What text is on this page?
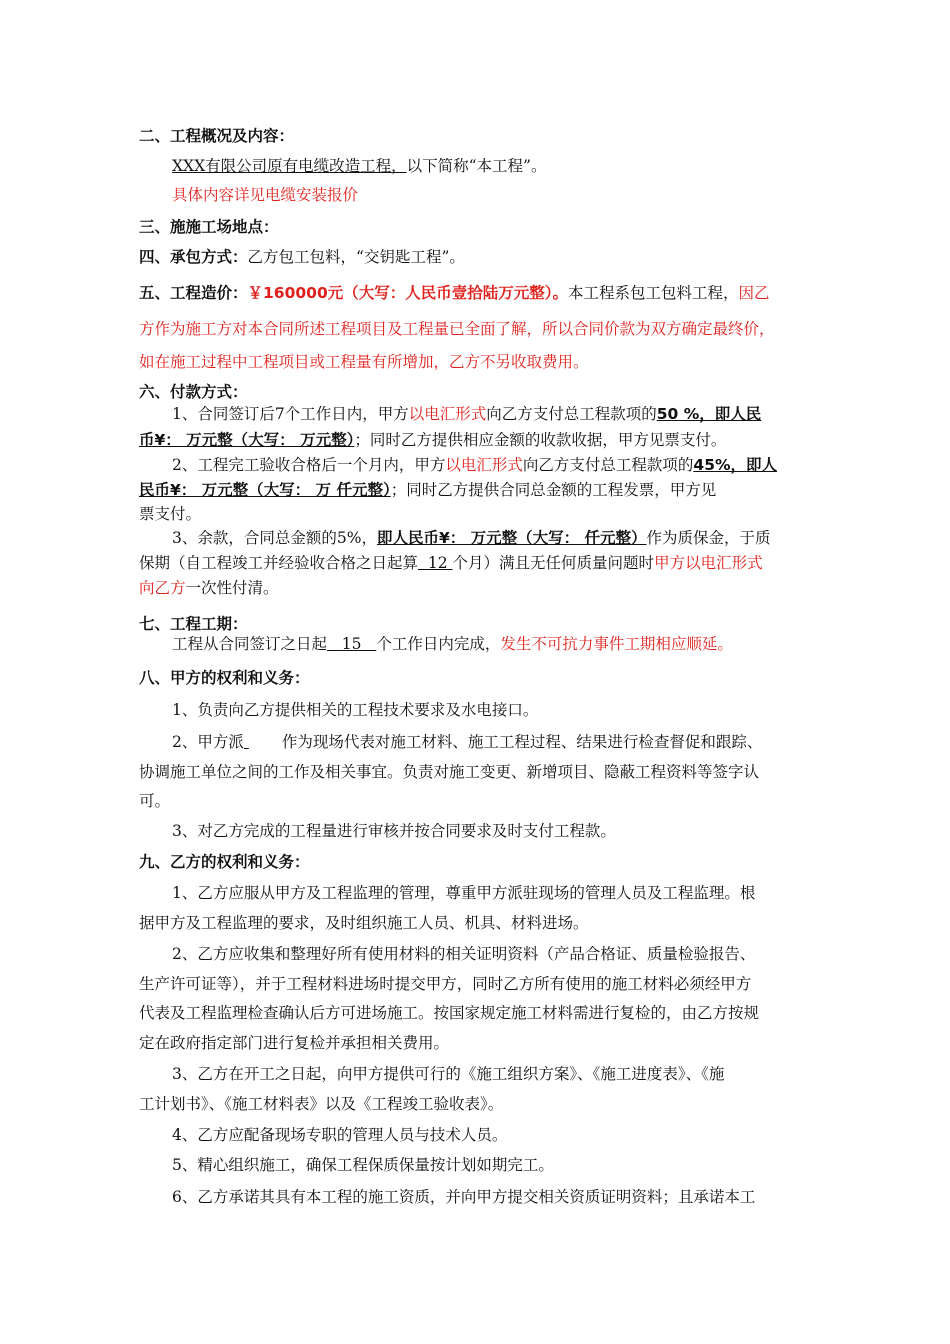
二、工程概况及内容：
XXX有限公司原有电缆改造工程，以下简称“本工程”。
具体内容详见电缆安装报价
三、施施工场地点：
四、承包方式：乙方包工包料，“交钥匙工程”。
五、工程造价：￥160000元（大写：人民币壹拾陆万元整）。本工程系包工包料工程，因乙
方作为施工方对本合同所述工程项目及工程量已全面了解，所以合同价款为双方确定最终价，
如在施工过程中工程项目或工程量有所增加，乙方不另收取费用。
六、付款方式：
1、合同签订后7个工作日内，甲方以电汇形式向乙方支付总工程款项的50 %，即人民
币¥： 万元整（大写： 万元整）；同时乙方提供相应金额的收款收据，甲方见票支付。
2、工程完工验收合格后一个月内，甲方以电汇形式向乙方支付总工程款项的45%，即人
民币¥： 万元整（大写： 万 仟元整）；同时乙方提供合同总金额的工程发票，甲方见
票支付。
3、余款，合同总金额的5%，即人民币¥： 万元整（大写： 仟元整）作为质保金，于质
保期（自工程竣工并经验收合格之日起算 12 个月）满且无任何质量问题时甲方以电汇形式
向乙方一次性付清。
七、工程工期：
工程从合同签订之日起 15 个工作日内完成，发生不可抗力事件工期相应顺延。
八、甲方的权利和义务：
1、负责向乙方提供相关的工程技术要求及水电接口。
2、甲方派 作为现场代表对施工材料、施工工程过程、结果进行检查督促和跟踪、
协调施工单位之间的工作及相关事宜。负责对施工变更、新增项目、隐蔽工程资料等签字认
可。
3、对乙方完成的工程量进行审核并按合同要求及时支付工程款。
九、乙方的权利和义务：
1、乙方应服从甲方及工程监理的管理，尊重甲方派驻现场的管理人员及工程监理。根
据甲方及工程监理的要求，及时组织施工人员、机具、材料进场。
2、乙方应收集和整理好所有使用材料的相关证明资料（产品合格证、质量检验报告、
生产许可证等），并于工程材料进场时提交甲方，同时乙方所有使用的施工材料必须经甲方
代表及工程监理检查确认后方可进场施工。按国家规定施工材料需进行复检的，由乙方按规
定在政府指定部门进行复检并承担相关费用。
3、乙方在开工之日起，向甲方提供可行的《施工组织方案》、《施工进度表》、《施
工计划书》、《施工材料表》以及《工程竣工验收表》。
4、乙方应配备现场专职的管理人员与技术人员。
5、精心组织施工，确保工程保质保量按计划如期完工。
6、乙方承诺其具有本工程的施工资质，并向甲方提交相关资质证明资料；且承诺本工
